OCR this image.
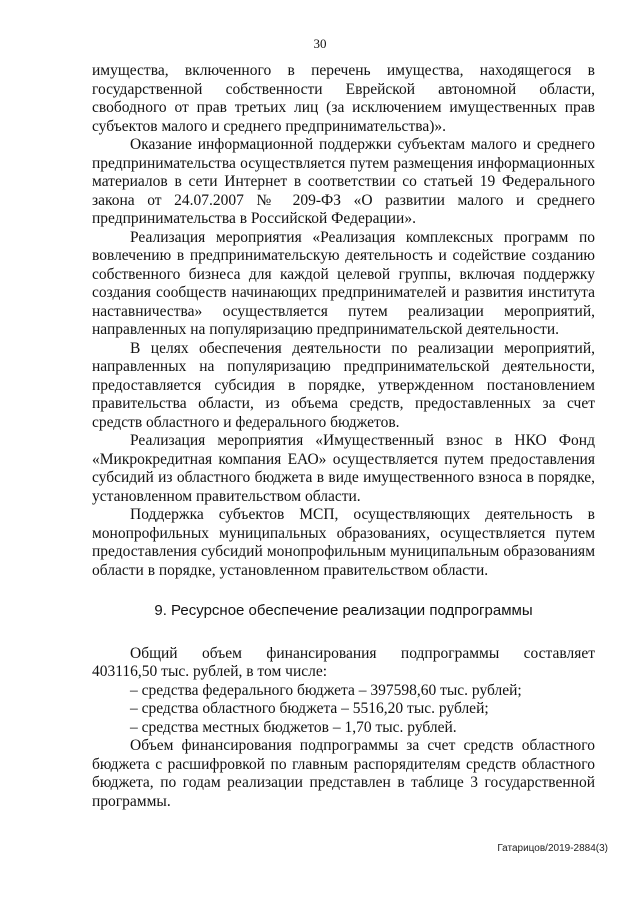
30

имущества, включенного в перечень имущества, находящегося в государственной собственности Еврейской автономной области, свободного от прав третьих лиц (за исключением имущественных прав субъектов малого и среднего предпринимательства)».

Оказание информационной поддержки субъектам малого и среднего предпринимательства осуществляется путем размещения информационных материалов в сети Интернет в соответствии со статьей 19 Федерального закона от 24.07.2007 № 209-ФЗ «О развитии малого и среднего предпринимательства в Российской Федерации».

Реализация мероприятия «Реализация комплексных программ по вовлечению в предпринимательскую деятельность и содействие созданию собственного бизнеса для каждой целевой группы, включая поддержку создания сообществ начинающих предпринимателей и развития института наставничества» осуществляется путем реализации мероприятий, направленных на популяризацию предпринимательской деятельности.

В целях обеспечения деятельности по реализации мероприятий, направленных на популяризацию предпринимательской деятельности, предоставляется субсидия в порядке, утвержденном постановлением правительства области, из объема средств, предоставленных за счет средств областного и федерального бюджетов.

Реализация мероприятия «Имущественный взнос в НКО Фонд «Микрокредитная компания ЕАО» осуществляется путем предоставления субсидий из областного бюджета в виде имущественного взноса в порядке, установленном правительством области.

Поддержка субъектов МСП, осуществляющих деятельность в монопрофильных муниципальных образованиях, осуществляется путем предоставления субсидий монопрофильным муниципальным образованиям области в порядке, установленном правительством области.

9. Ресурсное обеспечение реализации подпрограммы

Общий объем финансирования подпрограммы составляет

403116,50 тыс. рублей, в том числе:

– средства федерального бюджета – 397598,60 тыс. рублей;
– средства областного бюджета – 5516,20 тыс. рублей;
– средства местных бюджетов – 1,70 тыс. рублей.

Объем финансирования подпрограммы за счет средств областного бюджета с расшифровкой по главным распорядителям средств областного бюджета, по годам реализации представлен в таблице 3 государственной программы.

Гатарицов/2019-2884(3)
